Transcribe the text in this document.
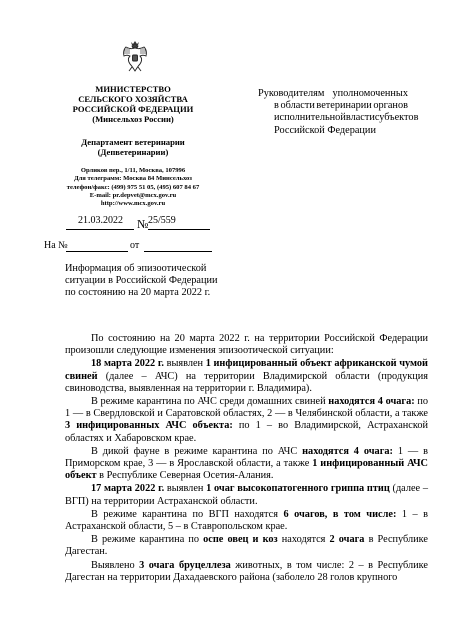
МИНИСТЕРСТВО
СЕЛЬСКОГО ХОЗЯЙСТВА
РОССИЙСКОЙ ФЕДЕРАЦИИ
(Минсельхоз России)
Департамент ветеринарии
(Депветеринарии)
Орликов пер., 1/11, Москва, 107996
Для телеграмм: Москва 84 Минсельхоз
телефон/факс: (499) 975 51 05, (495) 607 84 67
E-mail: pr.depvet@mcx.gov.ru
http://www.mcx.gov.ru
21.03.2022 № 25/559
На №	от
Руководителям уполномоченных
в области ветеринарии органов
исполнительной власти субъектов
Российской Федерации
Информация об эпизоотической
ситуации в Российской Федерации
по состоянию на 20 марта 2022 г.

По состоянию на 20 марта 2022 г. на территории Российской Федерации произошли следующие изменения эпизоотической ситуации:

18 марта 2022 г. выявлен 1 инфицированный объект африканской чумой свиней (далее – АЧС) на территории Владимирской области (продукция свиноводства, выявленная на территории г. Владимира).

В режиме карантина по АЧС среди домашних свиней находятся 4 очага: по 1 — в Свердловской и Саратовской областях, 2 — в Челябинской области, а также 3 инфицированных АЧС объекта: по 1 – во Владимирской, Астраханской областях и Хабаровском крае.

В дикой фауне в режиме карантина по АЧС находятся 4 очага: 1 — в Приморском крае, 3 — в Ярославской области, а также 1 инфицированный АЧС объект в Республике Северная Осетия-Алания.

17 марта 2022 г. выявлен 1 очаг высокопатогенного гриппа птиц (далее – ВГП) на территории Астраханской области.

В режиме карантина по ВГП находятся 6 очагов, в том числе: 1 – в Астраханской области, 5 – в Ставропольском крае.

В режиме карантина по оспе овец и коз находятся 2 очага в Республике Дагестан.

Выявлено 3 очага бруцеллеза животных, в том числе: 2 – в Республике Дагестан на территории Дахадаевского района (заболело 28 голов крупного
